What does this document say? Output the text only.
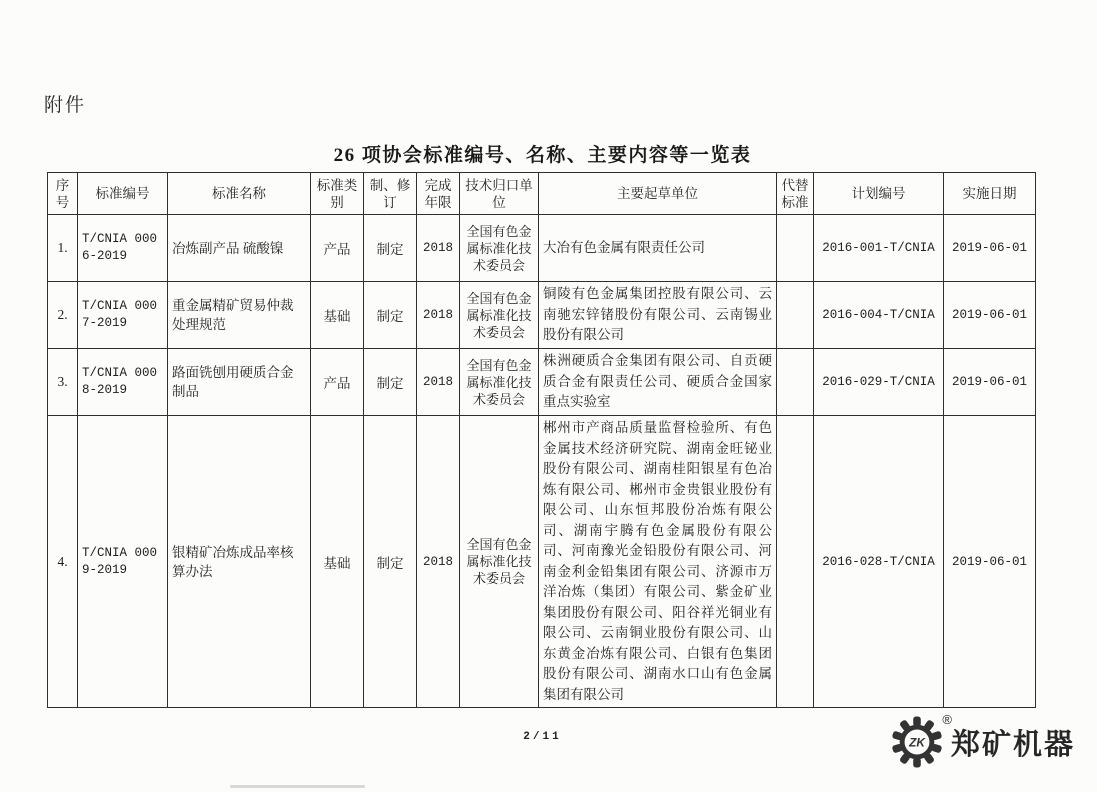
附件
26 项协会标准编号、名称、主要内容等一览表
序号	标准编号	标准名称	标准类别	制、修订	完成年限	技术归口单位	主要起草单位	代替标准	计划编号	实施日期
1.	T/CNIA 0006-2019	冶炼副产品 硫酸镍	产品	制定	2018	全国有色金属标准化技术委员会	大冶有色金属有限责任公司		2016-001-T/CNIA	2019-06-01
2.	T/CNIA 0007-2019	重金属精矿贸易仲裁处理规范	基础	制定	2018	全国有色金属标准化技术委员会	铜陵有色金属集团控股有限公司、云南驰宏锌锗股份有限公司、云南锡业股份有限公司		2016-004-T/CNIA	2019-06-01
3.	T/CNIA 0008-2019	路面铣刨用硬质合金制品	产品	制定	2018	全国有色金属标准化技术委员会	株洲硬质合金集团有限公司、自贡硬质合金有限责任公司、硬质合金国家重点实验室		2016-029-T/CNIA	2019-06-01
4.	T/CNIA 0009-2019	银精矿冶炼成品率核算办法	基础	制定	2018	全国有色金属标准化技术委员会	郴州市产商品质量监督检验所、有色金属技术经济研究院、湖南金旺铋业股份有限公司、湖南桂阳银星有色冶炼有限公司、郴州市金贵银业股份有限公司、山东恒邦股份冶炼有限公司、湖南宇腾有色金属股份有限公司、河南豫光金铅股份有限公司、河南金利金铅集团有限公司、济源市万洋冶炼（集团）有限公司、紫金矿业集团股份有限公司、阳谷祥光铜业有限公司、云南铜业股份有限公司、山东黄金冶炼有限公司、白银有色集团股份有限公司、湖南水口山有色金属集团有限公司		2016-028-T/CNIA	2019-06-01
2/11	ZK
®
郑矿机器
